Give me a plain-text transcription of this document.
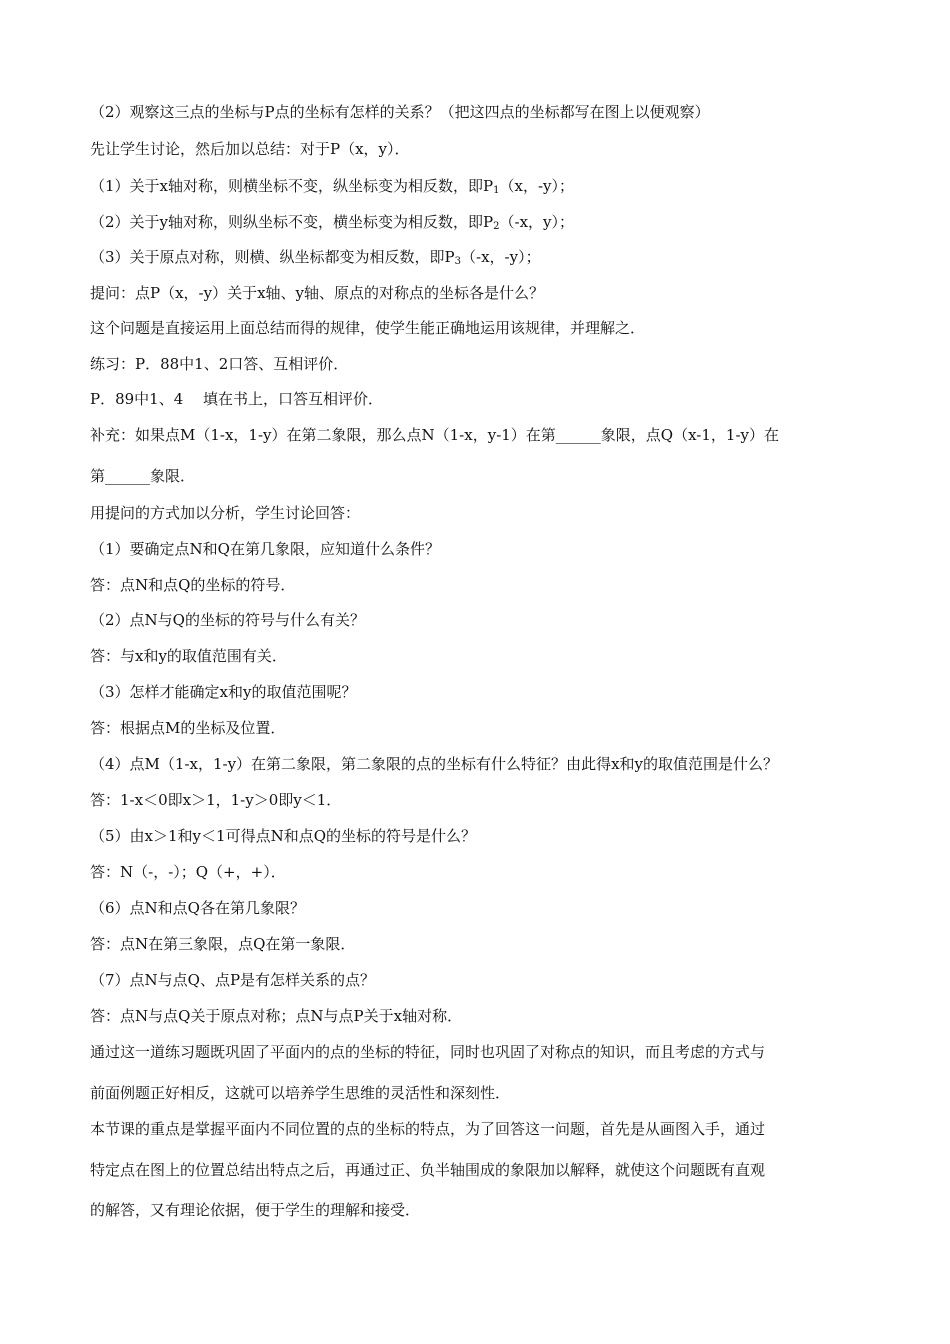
（2）观察这三点的坐标与P点的坐标有怎样的关系？（把这四点的坐标都写在图上以便观察）
先让学生讨论，然后加以总结：对于P（x，y）．
（1）关于x轴对称，则横坐标不变，纵坐标变为相反数，即$P_1(x$，-y）；
（2）关于y轴对称，则纵坐标不变，横坐标变为相反数，即$P_2(-x$，y）；
（3）关于原点对称，则横、纵坐标都变为相反数，即$P_3(-x$，-y）；
提问：点P（x，-y）关于x轴、y轴、原点的对称点的坐标各是什么？
这个问题是直接运用上面总结而得的规律，使学生能正确地运用该规律，并理解之．
练习：P．88中1、2口答、互相评价．
P．89中1、4　 填在书上，口答互相评价．
补充：如果点M（1-x，1-y）在第二象限，那么点N（1-x，y-1）在第______象限，点Q（x-1，1-y）在
第______象限．
用提问的方式加以分析，学生讨论回答：
（1）要确定点N和Q在第几象限，应知道什么条件？
答：点N和点Q的坐标的符号．
（2）点N与Q的坐标的符号与什么有关？
答：与x和y的取值范围有关．
（3）怎样才能确定x和y的取值范围呢？
答：根据点M的坐标及位置．
（4）点M（1-x，1-y）在第二象限，第二象限的点的坐标有什么特征？由此得x和y的取值范围是什么？
答：1-x＜0即x＞1，1-y＞0即y＜1．
（5）由x＞1和y＜1可得点N和点Q的坐标的符号是什么？
答：N（-，-）；Q（+，+）．
（6）点N和点Q各在第几象限？
答：点N在第三象限，点Q在第一象限．
（7）点N与点Q、点P是有怎样关系的点？
答：点N与点Q关于原点对称；点N与点P关于x轴对称．
通过这一道练习题既巩固了平面内的点的坐标的特征，同时也巩固了对称点的知识，而且考虑的方式与
前面例题正好相反，这就可以培养学生思维的灵活性和深刻性．
本节课的重点是掌握平面内不同位置的点的坐标的特点，为了回答这一问题，首先是从画图入手，通过
特定点在图上的位置总结出特点之后，再通过正、负半轴围成的象限加以解释，就使这个问题既有直观
的解答，又有理论依据，便于学生的理解和接受．
